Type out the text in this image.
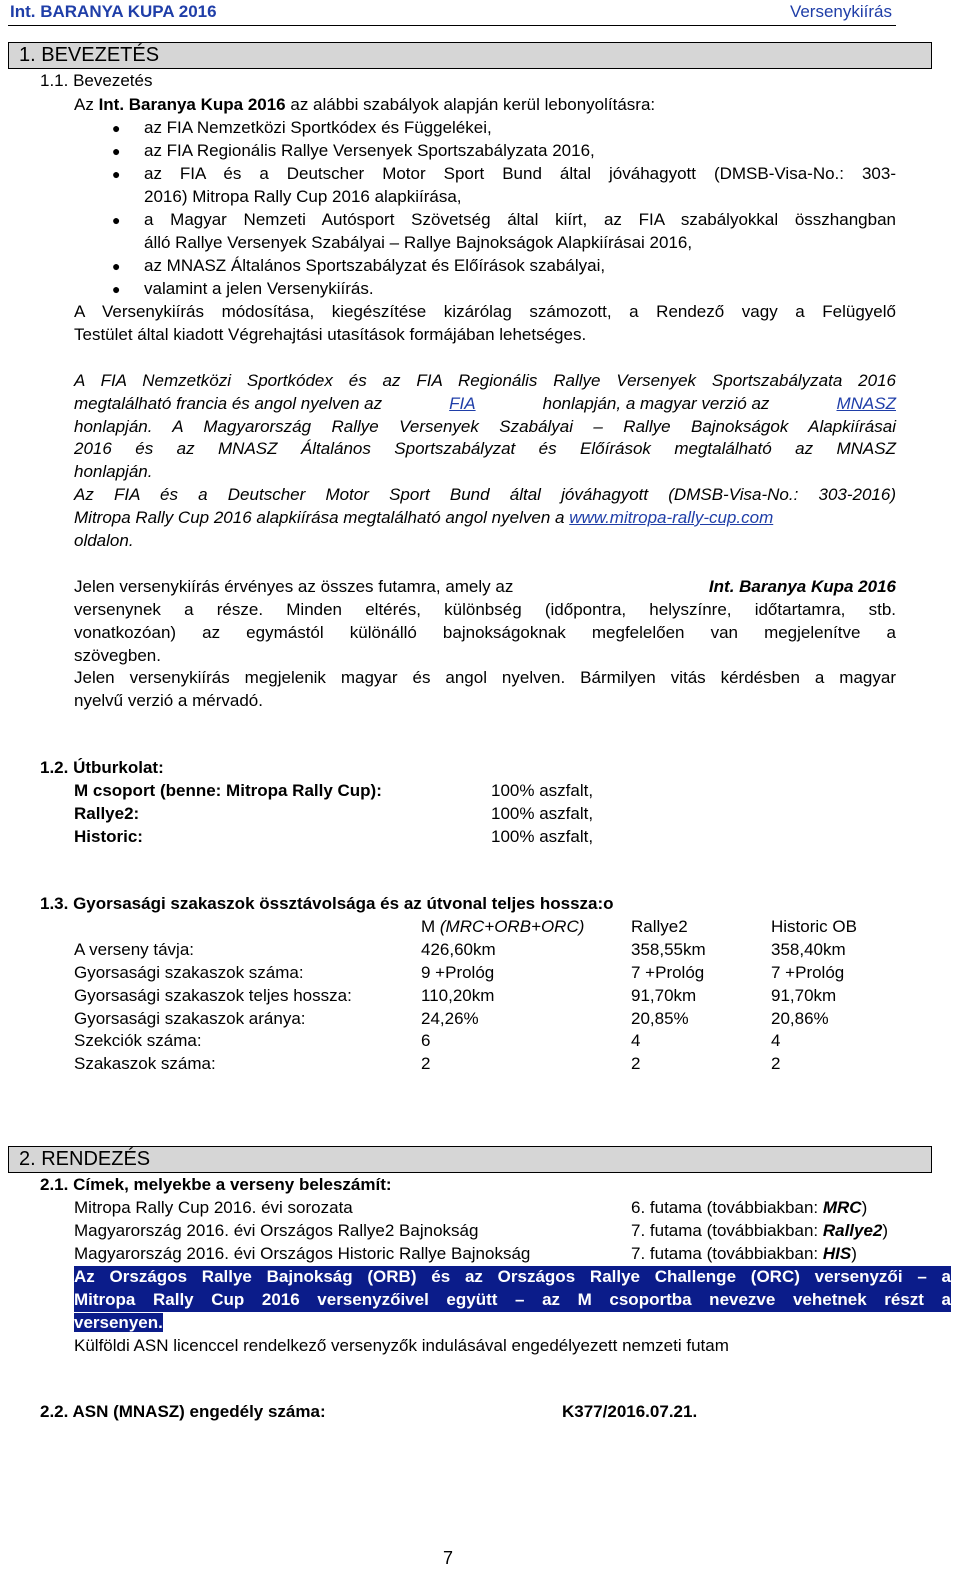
Int. BARANYA KUPA 2016	Versenykiírás
1. BEVEZETÉS
1.1. Bevezetés
Az Int. Baranya Kupa 2016 az alábbi szabályok alapján kerül lebonyolításra:
● az FIA Nemzetközi Sportkódex és Függelékei,
● az FIA Regionális Rallye Versenyek Sportszabályzata 2016,
● az FIA és a Deutscher Motor Sport Bund által jóváhagyott (DMSB-Visa-No.: 303-
2016) Mitropa Rally Cup 2016 alapkiírása,
● a Magyar Nemzeti Autósport Szövetség által kiírt, az FIA szabályokkal összhangban
álló Rallye Versenyek Szabályai – Rallye Bajnokságok Alapkiírásai 2016,
● az MNASZ Általános Sportszabályzat és Előírások szabályai,
● valamint a jelen Versenykiírás.
A Versenykiírás módosítása, kiegészítése kizárólag számozott, a Rendező vagy a Felügyelő
Testület által kiadott Végrehajtási utasítások formájában lehetséges.
A FIA Nemzetközi Sportkódex és az FIA Regionális Rallye Versenyek Sportszabályzata 2016
megtalálható francia és angol nyelven az	FIA	honlapján, a magyar verzió az	MNASZ
honlapján. A Magyarország Rallye Versenyek Szabályai – Rallye Bajnokságok Alapkiírásai
2016 és az MNASZ Általános Sportszabályzat és Előírások megtalálható az MNASZ
honlapján.
Az FIA és a Deutscher Motor Sport Bund által jóváhagyott (DMSB-Visa-No.: 303-2016)
Mitropa Rally Cup 2016 alapkiírása megtalálható angol nyelven a www.mitropa-rally-cup.com
oldalon.
Jelen versenykiírás érvényes az összes futamra, amely az	Int. Baranya Kupa 2016
versenynek a része. Minden eltérés, különbség (időpontra, helyszínre, időtartamra, stb.
vonatkozóan) az egymástól különálló bajnokságoknak megfelelően van megjelenítve a
szövegben.
Jelen versenykiírás megjelenik magyar és angol nyelven. Bármilyen vitás kérdésben a magyar
nyelvű verzió a mérvadó.
1.2. Útburkolat:
M csoport (benne: Mitropa Rally Cup):	100% aszfalt,
Rallye2:	100% aszfalt,
Historic:	100% aszfalt,
1.3. Gyorsasági szakaszok össztávolsága és az útvonal teljes hossza:o
M (MRC+ORB+ORC)	Rallye2	Historic OB
A verseny távja:	426,60km	358,55km	358,40km
Gyorsasági szakaszok száma:	9 +Prológ	7 +Prológ	7 +Prológ
Gyorsasági szakaszok teljes hossza:	110,20km	91,70km	91,70km
Gyorsasági szakaszok aránya:	24,26%	20,85%	20,86%
Szekciók száma:	6	4	4
Szakaszok száma:	2	2	2
2. RENDEZÉS
2.1. Címek, melyekbe a verseny beleszámít:
Mitropa Rally Cup 2016. évi sorozata	6. futama (továbbiakban: MRC)
Magyarország 2016. évi Országos Rallye2 Bajnokság	7. futama (továbbiakban: Rallye2)
Magyarország 2016. évi Országos Historic Rallye Bajnokság	7. futama (továbbiakban: HIS)
Az Országos Rallye Bajnokság (ORB) és az Országos Rallye Challenge (ORC) versenyzői – a
Mitropa Rally Cup 2016 versenyzőivel együtt – az M csoportba nevezve vehetnek részt a
versenyen.
Külföldi ASN licenccel rendelkező versenyzők indulásával engedélyezett nemzeti futam
2.2. ASN (MNASZ) engedély száma:	K377/2016.07.21.
7
